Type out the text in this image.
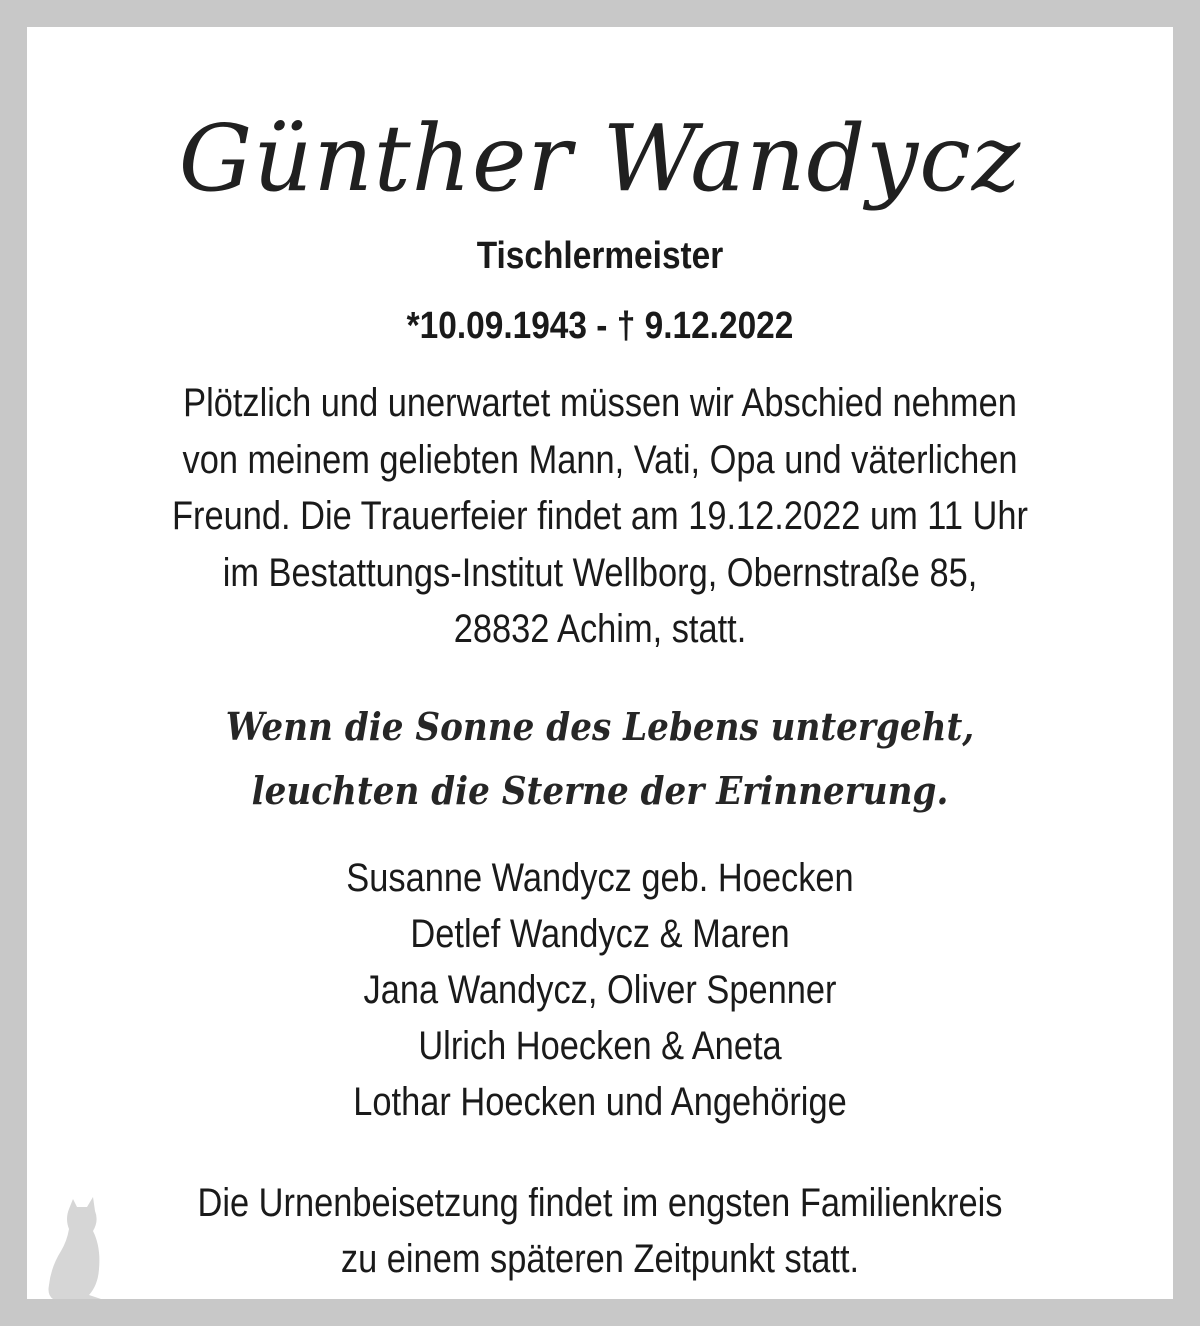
Günther Wandycz
Tischlermeister
*10.09.1943 - † 9.12.2022
Plötzlich und unerwartet müssen wir Abschied nehmen
von meinem geliebten Mann, Vati, Opa und väterlichen
Freund. Die Trauerfeier findet am 19.12.2022 um 11 Uhr
im Bestattungs-Institut Wellborg, Obernstraße 85,
28832 Achim, statt.
Wenn die Sonne des Lebens untergeht,
leuchten die Sterne der Erinnerung.
Susanne Wandycz geb. Hoecken
Detlef Wandycz & Maren
Jana Wandycz, Oliver Spenner
Ulrich Hoecken & Aneta
Lothar Hoecken und Angehörige
Die Urnenbeisetzung findet im engsten Familienkreis
zu einem späteren Zeitpunkt statt.
